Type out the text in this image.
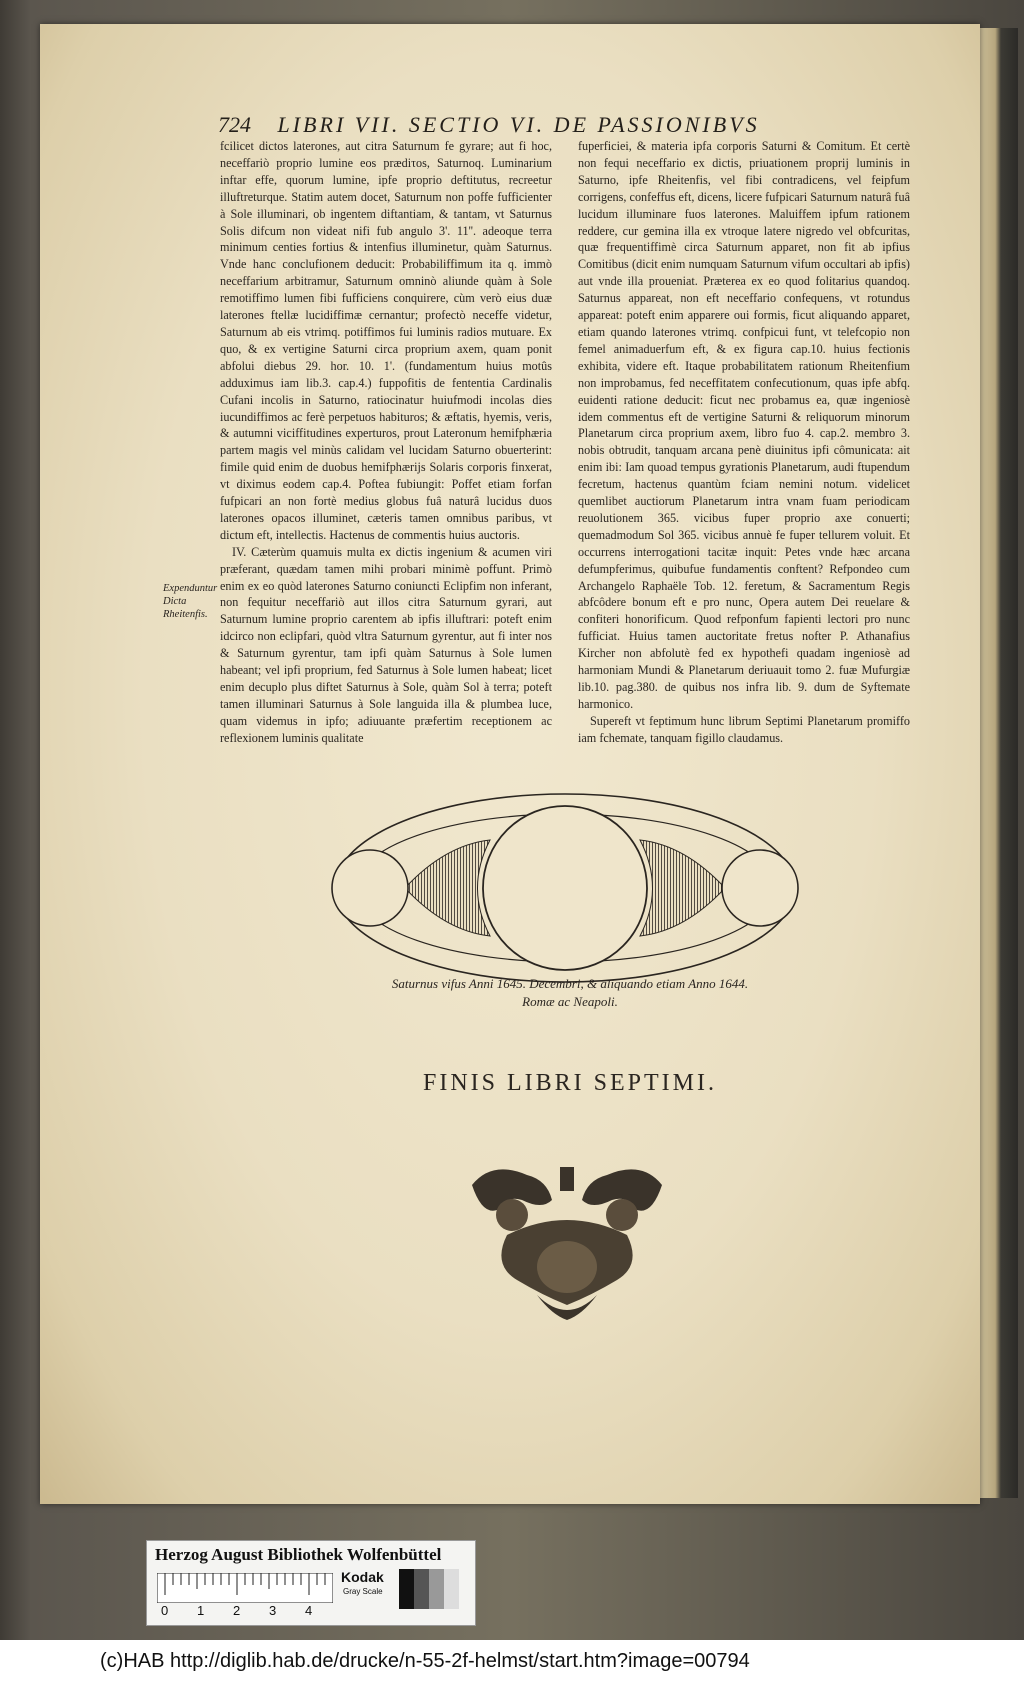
724 LIBRI VII. SECTIO VI. DE PASSIONIBVS

fcilicet dictos laterones, aut citra Saturnum fe gyrare; aut fi hoc, neceffariò proprio lumine eos prædiτos, Saturnoq. Luminarium inftar effe, quorum lumine, ipfe proprio deftitutus, recreetur illuftreturque. Statim autem docet, Saturnum non poffe fufficienter à Sole illuminari, ob ingentem diftantiam, & tantam, vt Saturnus Solis difcum non videat nifi fub angulo 3'. 11''. adeoque terra minimum centies fortius & intenfius illuminetur, quàm Saturnus. Vnde hanc conclufionem deducit: Probabiliffimum ita q. immò neceffarium arbitramur, Saturnum omninò aliunde quàm à Sole remotiffimo lumen fibi fufficiens conquirere, cùm verò eius duæ laterones ftellæ lucidiffimæ cernantur; profectò neceffe videtur, Saturnum ab eis vtrimq. potiffimos fui luminis radios mutuare. Ex quo, & ex vertigine Saturni circa proprium axem, quam ponit abfolui diebus 29. hor. 10. 1'. (fundamentum huius motûs adduximus iam lib.3. cap.4.) fuppofitis de fententia Cardinalis Cufani incolis in Saturno, ratiocinatur huiufmodi incolas dies iucundiffimos ac ferè perpetuos habituros; & æftatis, hyemis, veris, & autumni viciffitudines experturos, prout Lateronum hemifphæria partem magis vel minùs calidam vel lucidam Saturno obuerterint: fimile quid enim de duobus hemifphærijs Solaris corporis finxerat, vt diximus eodem cap.4. Poftea fubiungit: Poffet etiam forfan fufpicari an non fortè medius globus fuâ naturâ lucidus duos laterones opacos illuminet, cæteris tamen omnibus paribus, vt dictum eft, intellectis. Hactenus de commentis huius auctoris.

IV. Cæterùm quamuis multa ex dictis ingenium & acumen viri præferant, quædam tamen mihi probari minimè poffunt. Primò enim ex eo quòd laterones Saturno coniuncti Eclipfim non inferant, non fequitur neceffariò aut illos citra Saturnum gyrari, aut Saturnum lumine proprio carentem ab ipfis illuftrari: poteft enim idcirco non eclipfari, quòd vltra Saturnum gyrentur, aut fi inter nos & Saturnum gyrentur, tam ipfi quàm Saturnus à Sole lumen habeant; vel ipfi proprium, fed Saturnus à Sole lumen habeat; licet enim decuplo plus diftet Saturnus à Sole, quàm Sol à terra; poteft tamen illuminari Saturnus à Sole languida illa & plumbea luce, quam videmus in ipfo; adiuuante præfertim receptionem ac reflexionem luminis qualitate

Expenduntur Dicta Rheitenfis.

fuperficiei, & materia ipfa corporis Saturni & Comitum. Et certè non fequi neceffario ex dictis, priuationem proprij luminis in Saturno, ipfe Rheitenfis, vel fibi contradicens, vel feipfum corrigens, confeffus eft, dicens, licere fufpicari Saturnum naturâ fuâ lucidum illuminare fuos laterones. Maluiffem ipfum rationem reddere, cur gemina illa ex vtroque latere nigredo vel obfcuritas, quæ frequentiffimè circa Saturnum apparet, non fit ab ipfius Comitibus (dicit enim numquam Saturnum vifum occultari ab ipfis) aut vnde illa proueniat. Præterea ex eo quod folitarius quandoq. Saturnus appareat, non eft neceffario confequens, vt rotundus appareat: poteft enim apparere oui formis, ficut aliquando apparet, etiam quando laterones vtrimq. confpicui funt, vt telefcopio non femel animaduerfum eft, & ex figura cap.10. huius fectionis exhibita, videre eft. Itaque probabilitatem rationum Rheitenfium non improbamus, fed neceffitatem confecutionum, quas ipfe abfq. euidenti ratione deducit: ficut nec probamus ea, quæ ingeniosè idem commentus eft de vertigine Saturni & reliquorum minorum Planetarum circa proprium axem, libro fuo 4. cap.2. membro 3. nobis obtrudit, tanquam arcana penè diuinitus ipfi cômunicata: ait enim ibi: Iam quoad tempus gyrationis Planetarum, audi ftupendum fecretum, hactenus quantùm fciam nemini notum. videlicet quemlibet auctiorum Planetarum intra vnam fuam periodicam reuolutionem 365. vicibus fuper proprio axe conuerti; quemadmodum Sol 365. vicibus annuè fe fuper tellurem voluit. Et occurrens interrogationi tacitæ inquit: Petes vnde hæc arcana defumpferimus, quibufue fundamentis conftent? Refpondeo cum Archangelo Raphaële Tob. 12. feretum, & Sacramentum Regis abfcôdere bonum eft e pro nunc, Opera autem Dei reuelare & confiteri honorificum. Quod refponfum fapienti lectori pro nunc fufficiat. Huius tamen auctoritate fretus nofter P. Athanafius Kircher non abfolutè fed ex hypothefi quadam ingeniosè ad harmoniam Mundi & Planetarum deriuauit tomo 2. fuæ Mufurgiæ lib.10. pag.380. de quibus nos infra lib. 9. dum de Syftemate harmonico.

Supereft vt feptimum hunc librum Septimi Planetarum promiffo iam fchemate, tanquam figillo claudamus.

Saturnus vifus Anni 1645. Decembri, & aliquando etiam Anno 1644.
Romæ ac Neapoli.
FINIS LIBRI SEPTIMI.
Herzog August Bibliothek Wolfenbüttel
0 1 2 3 4
Kodak
Gray Scale
(c)HAB http://diglib.hab.de/drucke/n-55-2f-helmst/start.htm?image=00794
